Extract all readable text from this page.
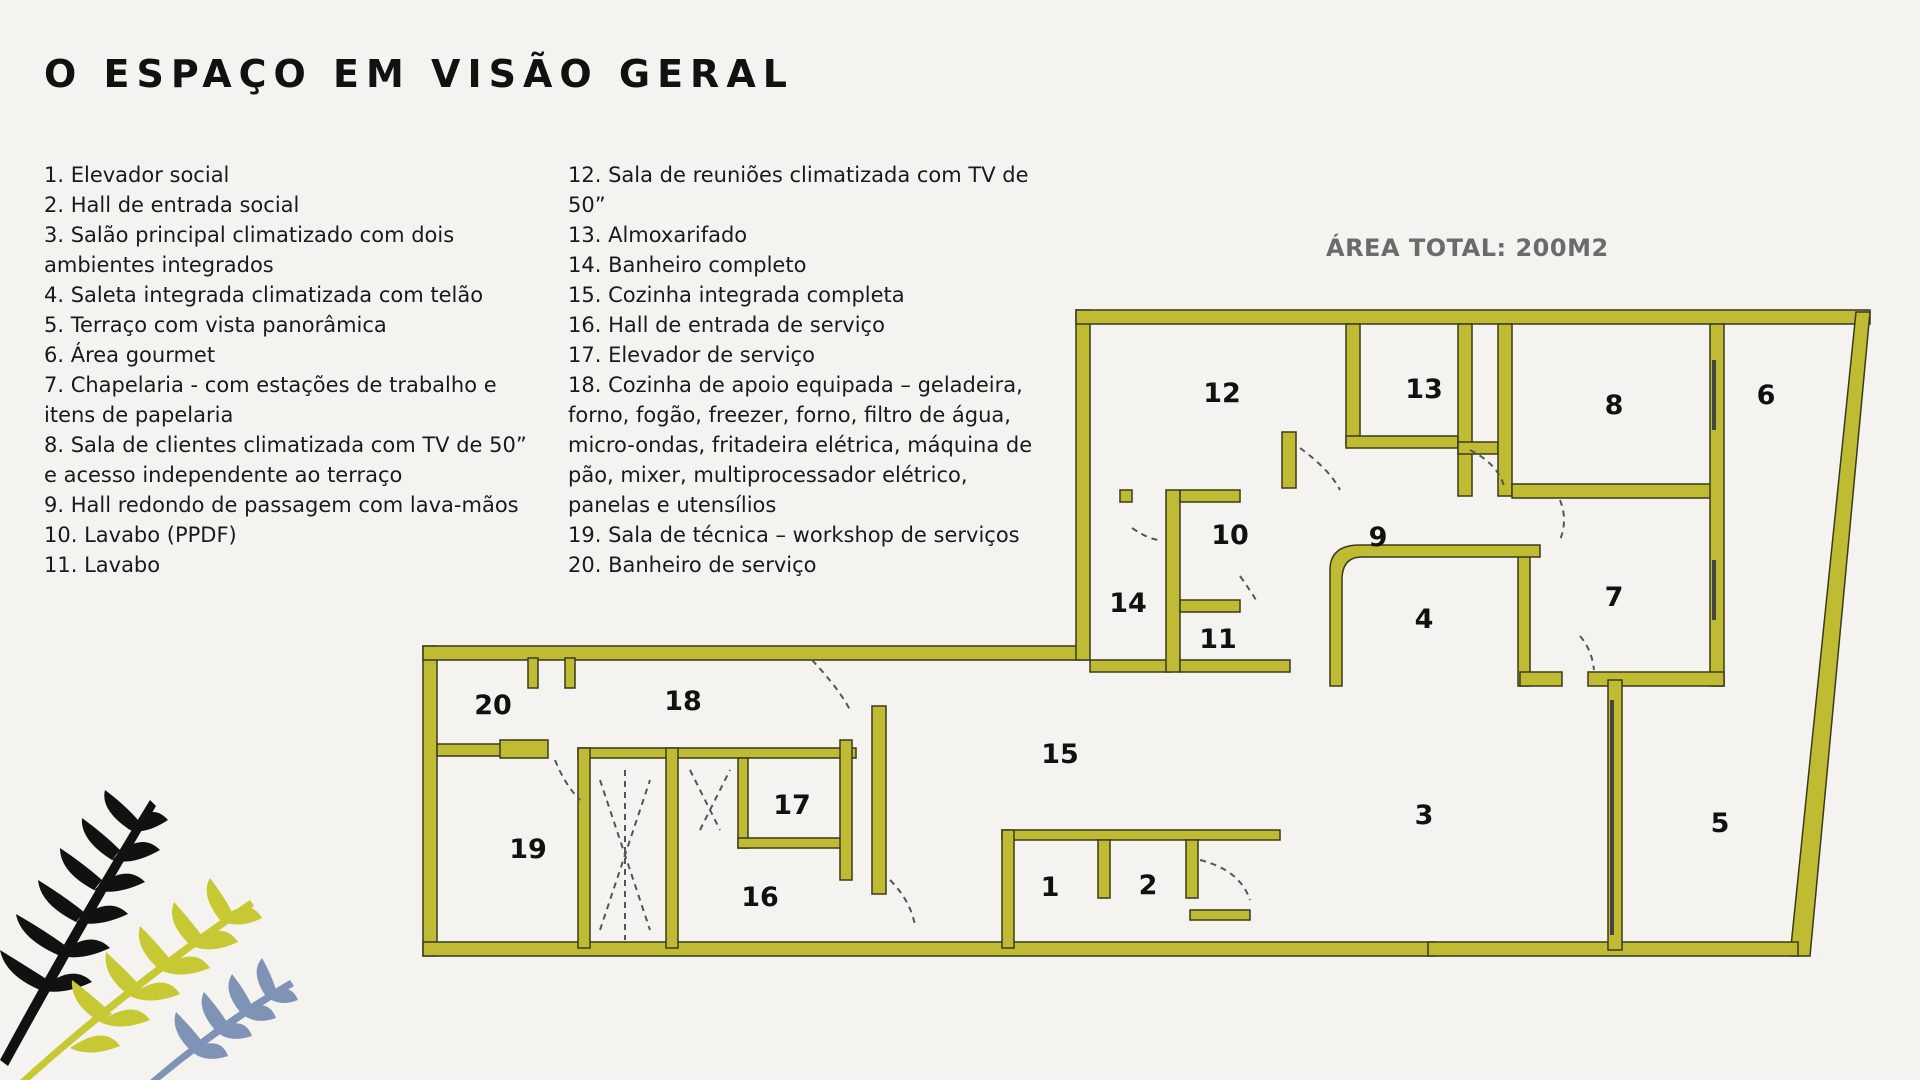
O ESPAÇO EM VISÃO GERAL
1. Elevador social
2. Hall de entrada social
3. Salão principal climatizado com dois ambientes integrados
4. Saleta integrada climatizada com telão
5. Terraço com vista panorâmica
6. Área gourmet
7. Chapelaria - com estações de trabalho e itens de papelaria
8. Sala de clientes climatizada com TV de 50” e acesso independente ao terraço
9. Hall redondo de passagem com lava-mãos
10. Lavabo (PPDF)
11. Lavabo
12. Sala de reuniões climatizada com TV de 50”
13. Almoxarifado
14. Banheiro completo
15. Cozinha integrada completa
16. Hall de entrada de serviço
17. Elevador de serviço
18. Cozinha de apoio equipada – geladeira, forno, fogão, freezer, forno, filtro de água, micro-ondas, fritadeira elétrica, máquina de pão, mixer, multiprocessador elétrico, panelas e utensílios
19. Sala de técnica – workshop de serviços
20. Banheiro de serviço
ÁREA TOTAL: 200M2
1	2
3
4
5
6
7
8
9
10
11
12	13
14
15
16
17
18
19
20
